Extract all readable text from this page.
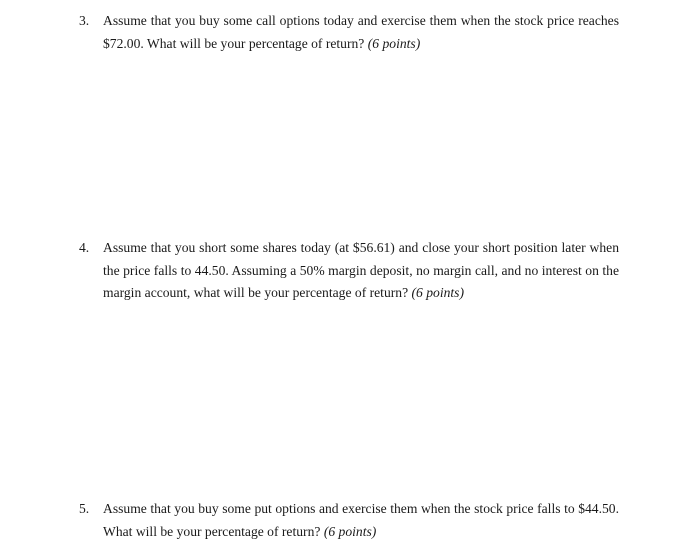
3.	Assume that you buy some call options today and exercise them when the stock price reaches $72.00. What will be your percentage of return? (6 points)
4.	Assume that you short some shares today (at $56.61) and close your short position later when the price falls to 44.50. Assuming a 50% margin deposit, no margin call, and no interest on the margin account, what will be your percentage of return? (6 points)
5.	Assume that you buy some put options and exercise them when the stock price falls to $44.50. What will be your percentage of return? (6 points)
